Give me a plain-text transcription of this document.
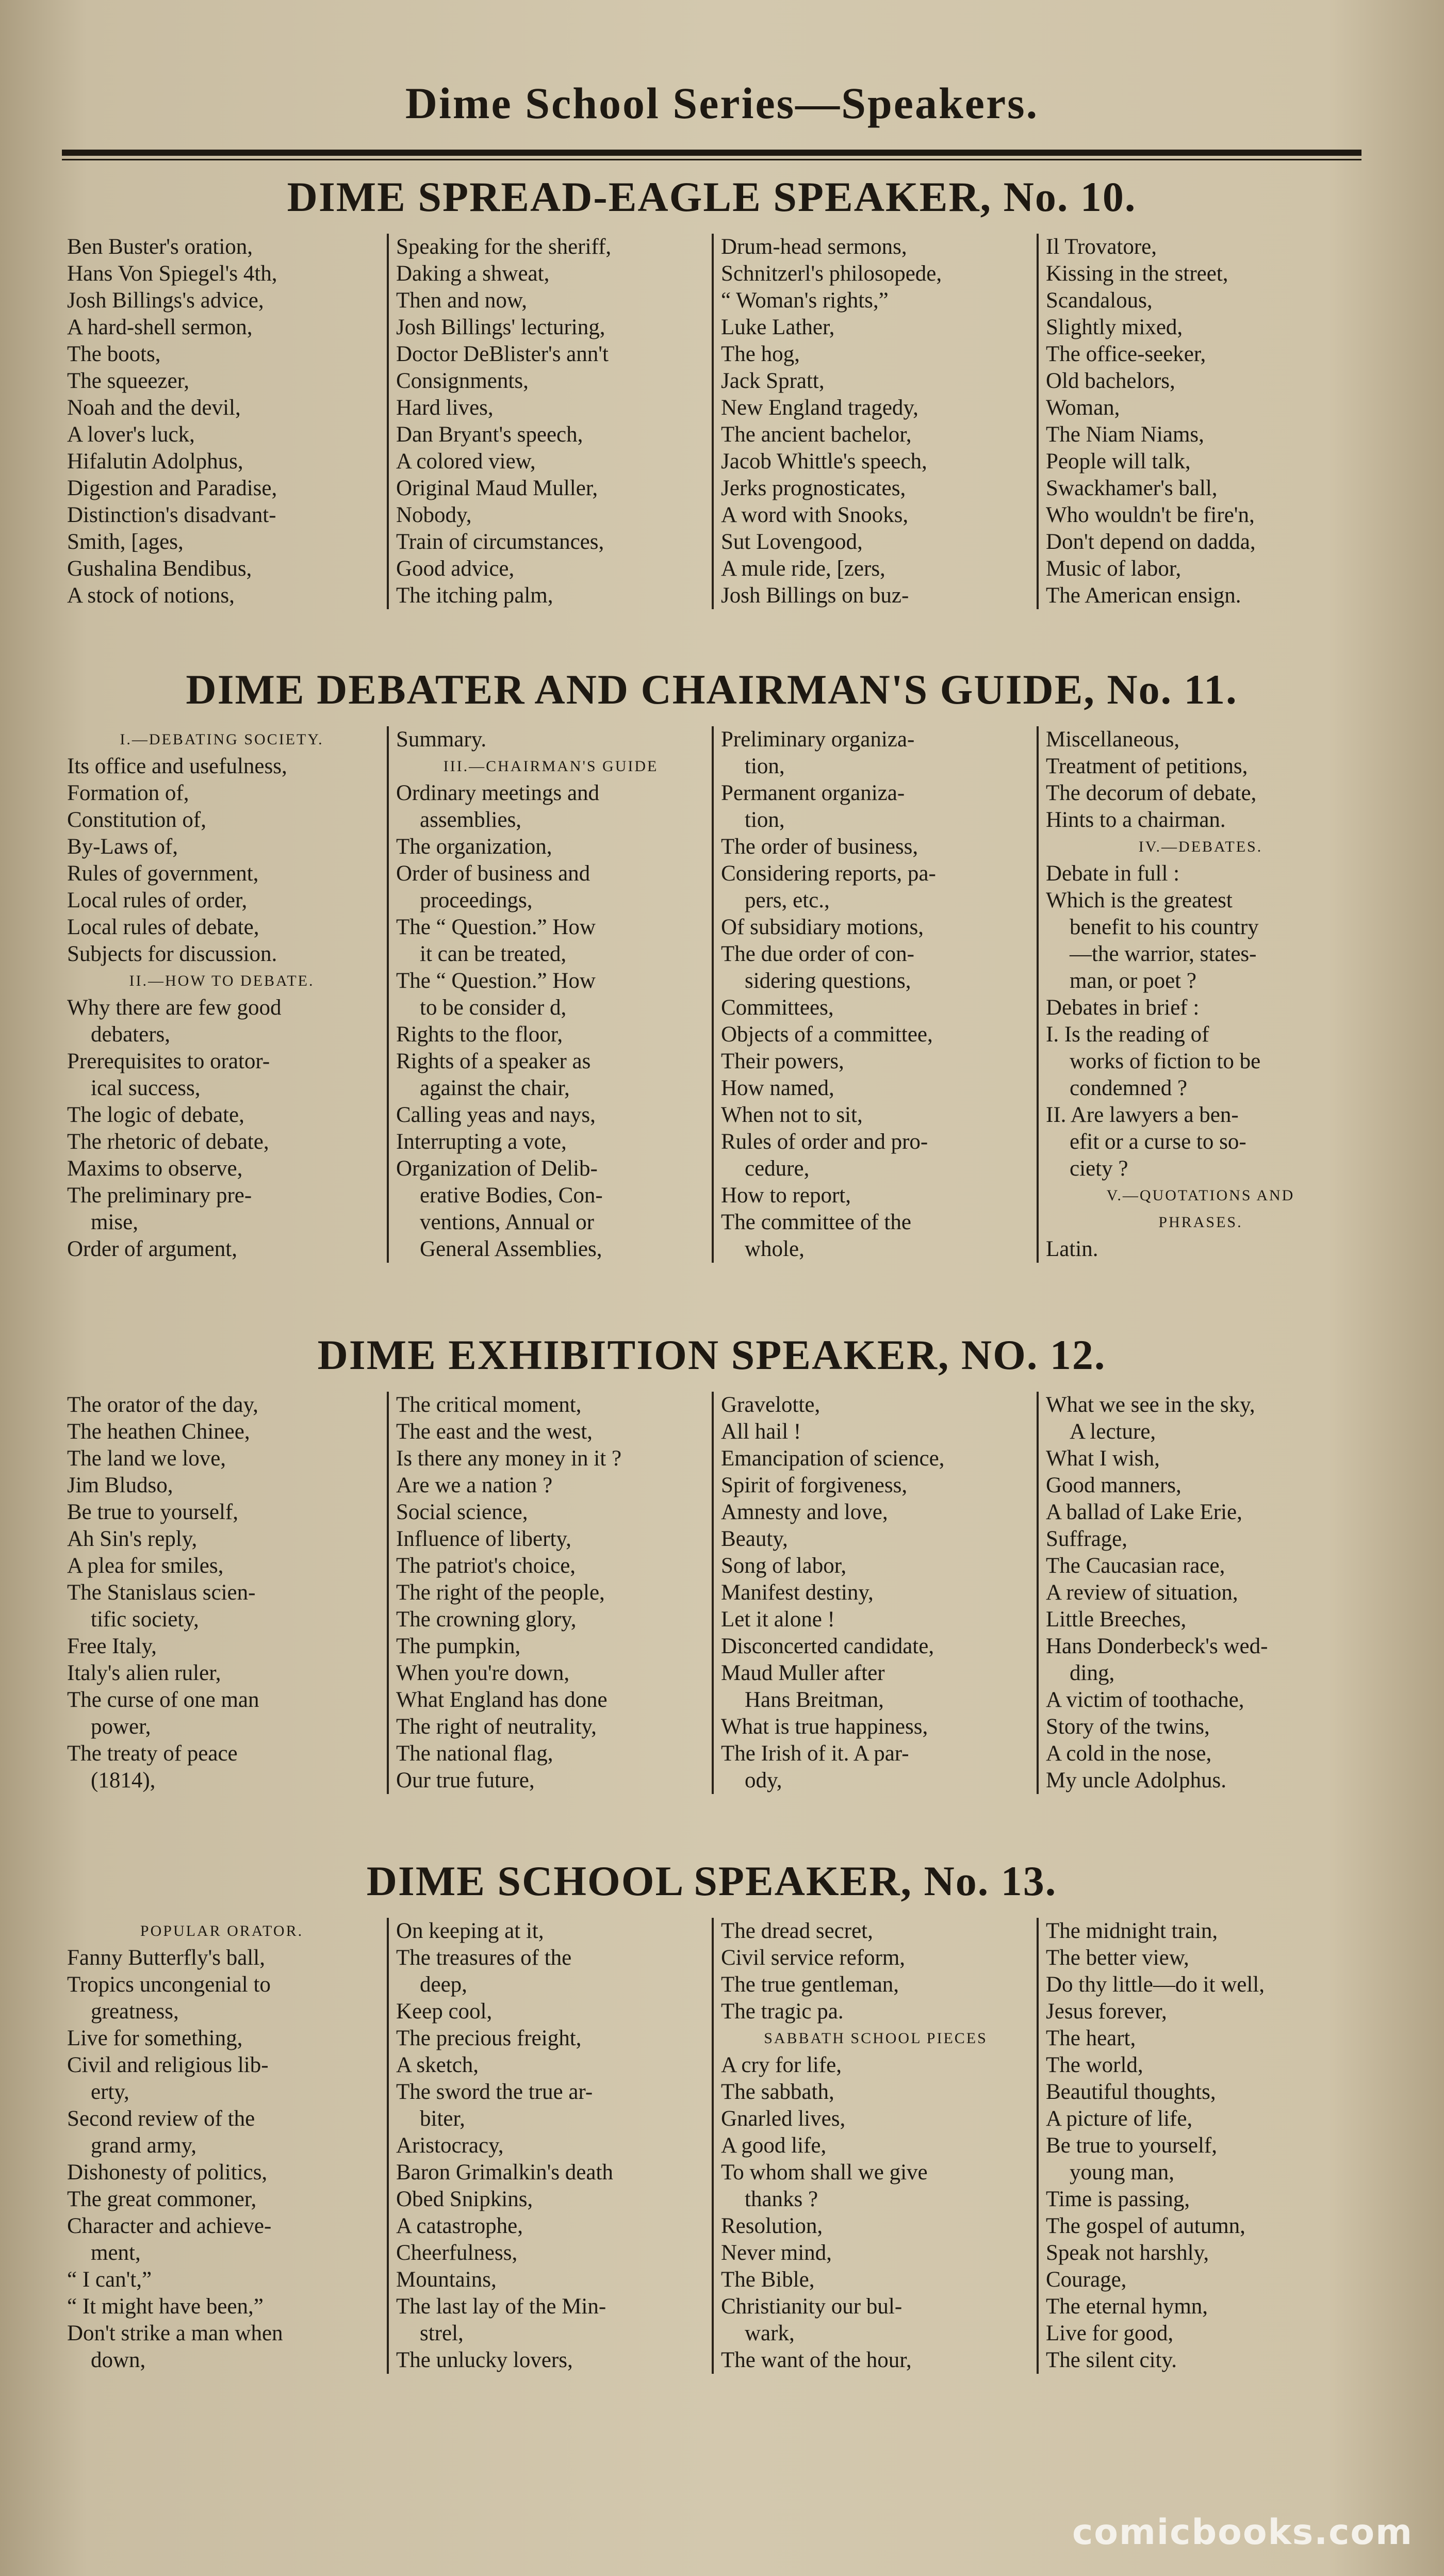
Dime School Series—Speakers.
DIME SPREAD-EAGLE SPEAKER, No. 10.
Ben Buster's oration,
Hans Von Spiegel's 4th,
Josh Billings's advice,
A hard-shell sermon,
The boots,
The squeezer,
Noah and the devil,
A lover's luck,
Hifalutin Adolphus,
Digestion and Paradise,
Distinction's disadvant-
Smith, [ages,
Gushalina Bendibus,
A stock of notions,
Speaking for the sheriff,
Daking a shweat,
Then and now,
Josh Billings' lecturing,
Doctor DeBlister's ann't
Consignments,
Hard lives,
Dan Bryant's speech,
A colored view,
Original Maud Muller,
Nobody,
Train of circumstances,
Good advice,
The itching palm,
Drum-head sermons,
Schnitzerl's philosopede,
“ Woman's rights,”
Luke Lather,
The hog,
Jack Spratt,
New England tragedy,
The ancient bachelor,
Jacob Whittle's speech,
Jerks prognosticates,
A word with Snooks,
Sut Lovengood,
A mule ride, [zers,
Josh Billings on buz-
Il Trovatore,
Kissing in the street,
Scandalous,
Slightly mixed,
The office-seeker,
Old bachelors,
Woman,
The Niam Niams,
People will talk,
Swackhamer's ball,
Who wouldn't be fire'n,
Don't depend on dadda,
Music of labor,
The American ensign.
DIME DEBATER AND CHAIRMAN'S GUIDE, No. 11.
I.—DEBATING SOCIETY.
Its office and usefulness,
Formation of,
Constitution of,
By-Laws of,
Rules of government,
Local rules of order,
Local rules of debate,
Subjects for discussion.
II.—HOW TO DEBATE.
Why there are few good
debaters,
Prerequisites to orator-
ical success,
The logic of debate,
The rhetoric of debate,
Maxims to observe,
The preliminary pre-
mise,
Order of argument,
Summary.
III.—CHAIRMAN'S GUIDE
Ordinary meetings and
assemblies,
The organization,
Order of business and
proceedings,
The “ Question.” How
it can be treated,
The “ Question.” How
to be consider d,
Rights to the floor,
Rights of a speaker as
against the chair,
Calling yeas and nays,
Interrupting a vote,
Organization of Delib-
erative Bodies, Con-
ventions, Annual or
General Assemblies,
Preliminary organiza-
tion,
Permanent organiza-
tion,
The order of business,
Considering reports, pa-
pers, etc.,
Of subsidiary motions,
The due order of con-
sidering questions,
Committees,
Objects of a committee,
Their powers,
How named,
When not to sit,
Rules of order and pro-
cedure,
How to report,
The committee of the
whole,
Miscellaneous,
Treatment of petitions,
The decorum of debate,
Hints to a chairman.
IV.—DEBATES.
Debate in full :
Which is the greatest
benefit to his country
—the warrior, states-
man, or poet ?
Debates in brief :
I. Is the reading of
works of fiction to be
condemned ?
II. Are lawyers a ben-
efit or a curse to so-
ciety ?
V.—QUOTATIONS AND
PHRASES.
Latin.
DIME EXHIBITION SPEAKER, NO. 12.
The orator of the day,
The heathen Chinee,
The land we love,
Jim Bludso,
Be true to yourself,
Ah Sin's reply,
A plea for smiles,
The Stanislaus scien-
tific society,
Free Italy,
Italy's alien ruler,
The curse of one man
power,
The treaty of peace
(1814),
The critical moment,
The east and the west,
Is there any money in it ?
Are we a nation ?
Social science,
Influence of liberty,
The patriot's choice,
The right of the people,
The crowning glory,
The pumpkin,
When you're down,
What England has done
The right of neutrality,
The national flag,
Our true future,
Gravelotte,
All hail !
Emancipation of science,
Spirit of forgiveness,
Amnesty and love,
Beauty,
Song of labor,
Manifest destiny,
Let it alone !
Disconcerted candidate,
Maud Muller after
Hans Breitman,
What is true happiness,
The Irish of it. A par-
ody,
What we see in the sky,
A lecture,
What I wish,
Good manners,
A ballad of Lake Erie,
Suffrage,
The Caucasian race,
A review of situation,
Little Breeches,
Hans Donderbeck's wed-
ding,
A victim of toothache,
Story of the twins,
A cold in the nose,
My uncle Adolphus.
DIME SCHOOL SPEAKER, No. 13.
POPULAR ORATOR.
Fanny Butterfly's ball,
Tropics uncongenial to
greatness,
Live for something,
Civil and religious lib-
erty,
Second review of the
grand army,
Dishonesty of politics,
The great commoner,
Character and achieve-
ment,
“ I can't,”
“ It might have been,”
Don't strike a man when
down,
On keeping at it,
The treasures of the
deep,
Keep cool,
The precious freight,
A sketch,
The sword the true ar-
biter,
Aristocracy,
Baron Grimalkin's death
Obed Snipkins,
A catastrophe,
Cheerfulness,
Mountains,
The last lay of the Min-
strel,
The unlucky lovers,
The dread secret,
Civil service reform,
The true gentleman,
The tragic pa.
SABBATH SCHOOL PIECES
A cry for life,
The sabbath,
Gnarled lives,
A good life,
To whom shall we give
thanks ?
Resolution,
Never mind,
The Bible,
Christianity our bul-
wark,
The want of the hour,
The midnight train,
The better view,
Do thy little—do it well,
Jesus forever,
The heart,
The world,
Beautiful thoughts,
A picture of life,
Be true to yourself,
young man,
Time is passing,
The gospel of autumn,
Speak not harshly,
Courage,
The eternal hymn,
Live for good,
The silent city.
comicbooks.com
